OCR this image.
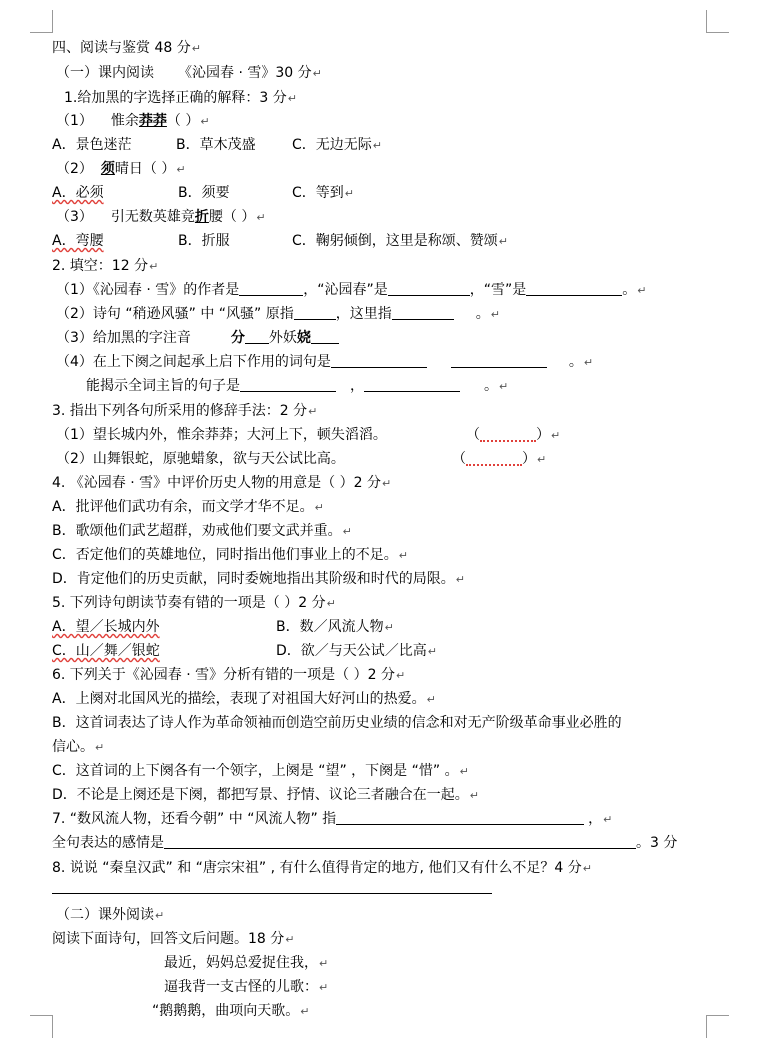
四、阅读与鉴赏 48 分↵
（一）课内阅读 《沁园春 · 雪》30 分↵
1.给加黑的字选择正确的解释：3 分↵
（1） 惟余莽莽（ ）↵
A．景色迷茫	B．草木茂盛	C．无边无际↵
（2） 须晴日（ ）↵
A．必须	B．须要	C．等到↵
（3） 引无数英雄竞折腰（ ）↵
A．弯腰	B．折服	C．鞠躬倾倒，这里是称颂、赞颂↵
2. 填空：12 分↵
（1）《沁园春 · 雪》的作者是	，“沁园春”是	，“雪”是	。↵
（2）诗句 “稍逊风骚” 中 “风骚” 原指	，这里指	。↵
（3）给加黑的字注音	分 外妖娆
（4）在上下阕之间起承上启下作用的词句是	。↵
能揭示全词主旨的句子是	，	。↵
3. 指出下列各句所采用的修辞手法：2 分↵
（1）望长城内外，惟余莽莽；大河上下，顿失滔滔。	（	）↵
（2）山舞银蛇，原驰蜡象，欲与天公试比高。	（	）↵
4. 《沁园春 · 雪》中评价历史人物的用意是（ ）2 分↵
A．批评他们武功有余，而文学才华不足。↵
B．歌颂他们武艺超群，劝戒他们要文武并重。↵
C．否定他们的英雄地位，同时指出他们事业上的不足。↵
D．肯定他们的历史贡献，同时委婉地指出其阶级和时代的局限。↵
5. 下列诗句朗读节奏有错的一项是（ ）2 分↵
A．望／长城内外	B．数／风流人物↵
C．山／舞／银蛇	D．欲／与天公试／比高↵
6. 下列关于《沁园春 · 雪》分析有错的一项是（ ）2 分↵
A．上阕对北国风光的描绘，表现了对祖国大好河山的热爱。↵
B．这首词表达了诗人作为革命领袖而创造空前历史业绩的信念和对无产阶级革命事业必胜的
信心。↵
C．这首词的上下阕各有一个领字，上阕是 “望” ，下阕是 “惜” 。↵
D．不论是上阕还是下阕，都把写景、抒情、议论三者融合在一起。↵
7. “数风流人物，还看今朝” 中 “风流人物” 指	，↵
全句表达的感情是	。3 分
8. 说说 “秦皇汉武” 和 “唐宗宋祖” , 有什么值得肯定的地方, 他们又有什么不足？4 分↵
（二）课外阅读↵
阅读下面诗句，回答文后问题。18 分↵
最近，妈妈总爱捉住我，↵
逼我背一支古怪的儿歌：↵
“鹅鹅鹅，曲项向天歌。↵
